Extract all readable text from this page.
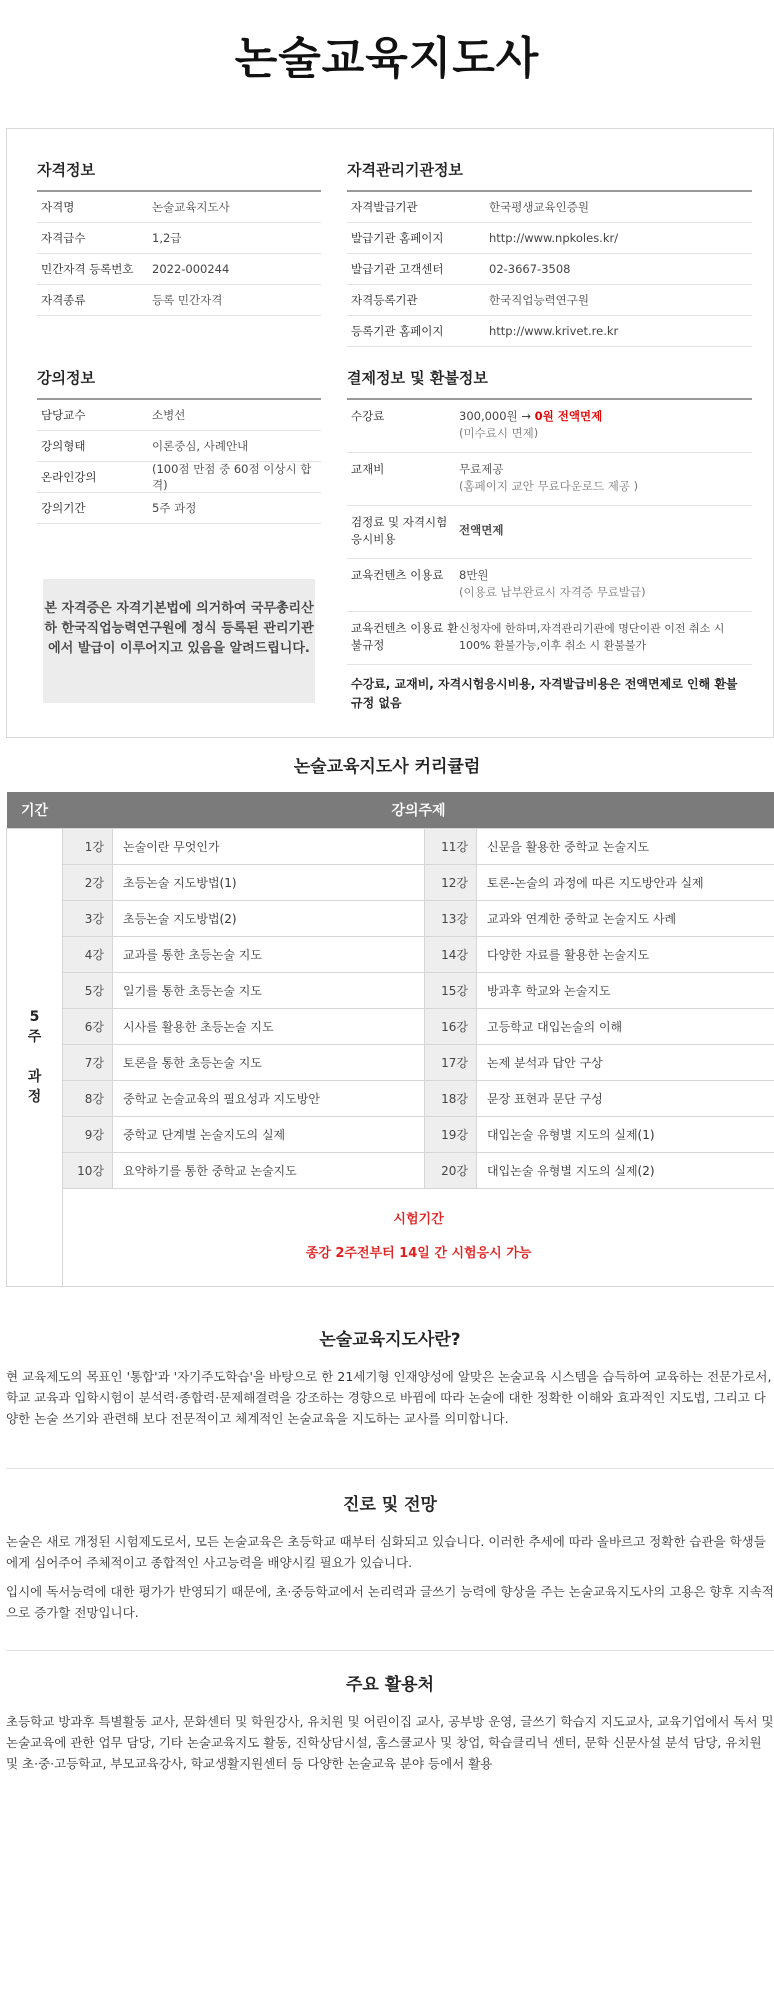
논술교육지도사
자격정보
자격명	논술교육지도사
자격급수	1,2급
민간자격 등록번호	2022-000244
자격종류	등록 민간자격
자격관리기관정보
자격발급기관	한국평생교육인증원
발급기관 홈페이지	http://www.npkoles.kr/
발급기관 고객센터	02-3667-3508
자격등록기관	한국직업능력연구원
등록기관 홈페이지	http://www.krivet.re.kr
강의정보
담당교수	소병선
강의형태	이론중심, 사례안내
온라인강의
(100점 만점 중 60점 이상시 합격)
강의기간	5주 과정
결제정보 및 환불정보
수강료	300,000원 → 0원 전액면제
(미수료시 면제)
교재비	무료제공
(홈페이지 교안 무료다운로드 제공 )
검정료 및 자격시험 응시비용
전액면제
교육컨텐츠 이용료	8만원
(이용료 납부완료시 자격증 무료발급)
교육컨텐츠 이용료 환불규정
신청자에 한하며,자격관리기관에 명단이관 이전 취소 시 100% 환불가능,이후 취소 시 환불불가
수강료, 교재비, 자격시험응시비용, 자격발급비용은 전액면제로 인해 환불규정 없음
본 자격증은 자격기본법에 의거하여 국무총리산하 한국직업능력연구원에 정식 등록된 관리기관에서 발급이 이루어지고 있음을 알려드립니다.
논술교육지도사 커리큘럼
기간	강의주제			
5
주

과
정	1강	논술이란 무엇인가	11강	신문을 활용한 중학교 논술지도
	2강	초등논술 지도방법(1)	12강	토론-논술의 과정에 따른 지도방안과 실제
	3강	초등논술 지도방법(2)	13강	교과와 연계한 중학교 논술지도 사례
	4강	교과를 통한 초등논술 지도	14강	다양한 자료를 활용한 논술지도
	5강	일기를 통한 초등논술 지도	15강	방과후 학교와 논술지도
	6강	시사를 활용한 초등논술 지도	16강	고등학교 대입논술의 이해
	7강	토론을 통한 초등논술 지도	17강	논제 분석과 답안 구상
	8강	중학교 논술교육의 필요성과 지도방안	18강	문장 표현과 문단 구성
	9강	중학교 단계별 논술지도의 실제	19강	대입논술 유형별 지도의 실제(1)
	10강	요약하기를 통한 중학교 논술지도	20강	대입논술 유형별 지도의 실제(2)

	시험기간
종강 2주전부터 14일 간 시험응시 가능			
논술교육지도사란?

현 교육제도의 목표인 '통합'과 '자기주도학습'을 바탕으로 한 21세기형 인재양성에 알맞은 논술교육 시스템을 습득하여 교육하는 전문가로서, 학교 교육과 입학시험이 분석력·종합력·문제해결력을 강조하는 경향으로 바뀜에 따라 논술에 대한 정확한 이해와 효과적인 지도법, 그리고 다양한 논술 쓰기와 관련해 보다 전문적이고 체계적인 논술교육을 지도하는 교사를 의미합니다.

진로 및 전망

논술은 새로 개정된 시험제도로서, 모든 논술교육은 초등학교 때부터 심화되고 있습니다. 이러한 추세에 따라 올바르고 정확한 습관을 학생들에게 심어주어 주체적이고 종합적인 사고능력을 배양시킬 필요가 있습니다.

입시에 독서능력에 대한 평가가 반영되기 때문에, 초·중등학교에서 논리력과 글쓰기 능력에 향상을 주는 논술교육지도사의 고용은 향후 지속적으로 증가할 전망입니다.

주요 활용처

초등학교 방과후 특별활동 교사, 문화센터 및 학원강사, 유치원 및 어린이집 교사, 공부방 운영, 글쓰기 학습지 지도교사, 교육기업에서 독서 및 논술교육에 관한 업무 담당, 기타 논술교육지도 활동, 진학상담시설, 홈스쿨교사 및 창업, 학습클리닉 센터, 문학 신문사설 분석 담당, 유치원 및 초·중·고등학교, 부모교육강사, 학교생활지원센터 등 다양한 논술교육 분야 등에서 활용
